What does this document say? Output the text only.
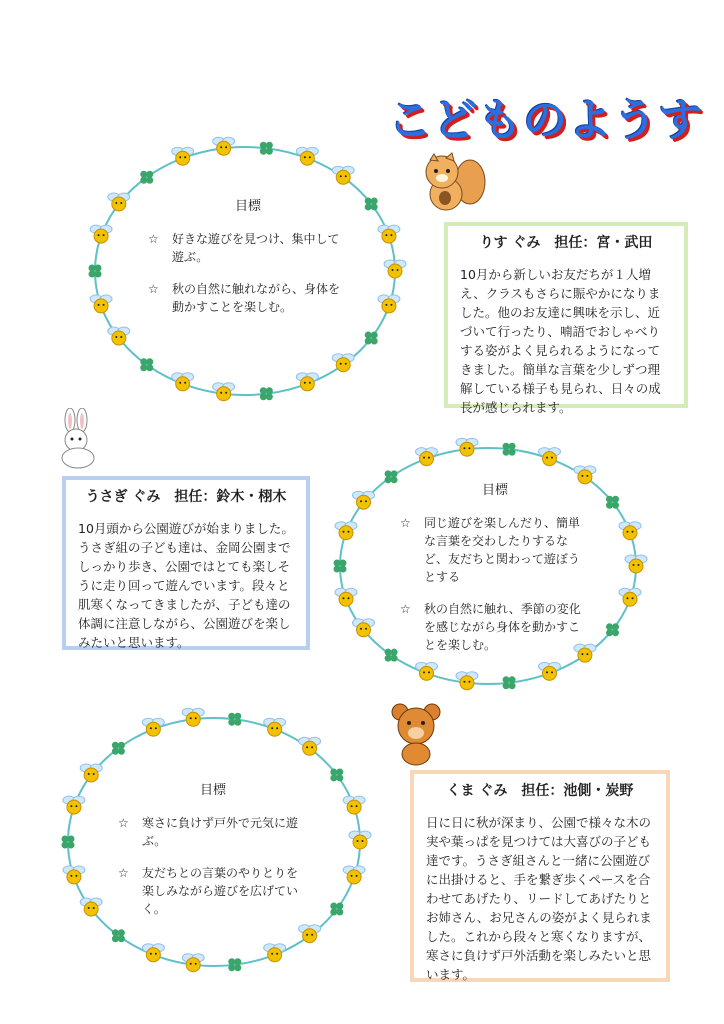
こどものようす
目標
☆	好きな遊びを見つけ、集中して遊ぶ。
☆	秋の自然に触れながら、身体を動かすことを楽しむ。
りす ぐみ　担任：宮・武田
10月から新しいお友だちが１人増え、クラスもさらに賑やかになりました。他のお友達に興味を示し、近づいて行ったり、喃語でおしゃべりする姿がよく見られるようになってきました。簡単な言葉を少しずつ理解している様子も見られ、日々の成長が感じられます。
うさぎ ぐみ　担任：鈴木・栩木
10月頭から公園遊びが始まりました。うさぎ組の子ども達は、金岡公園までしっかり歩き、公園ではとても楽しそうに走り回って遊んでいます。段々と肌寒くなってきましたが、子ども達の体調に注意しながら、公園遊びを楽しみたいと思います。
目標
☆	同じ遊びを楽しんだり、簡単な言葉を交わしたりするなど、友だちと関わって遊ぼうとする
☆	秋の自然に触れ、季節の変化を感じながら身体を動かすことを楽しむ。
目標
☆	寒さに負けず戸外で元気に遊ぶ。
☆	友だちとの言葉のやりとりを楽しみながら遊びを広げていく。
くま ぐみ　担任：池側・炭野
日に日に秋が深まり、公園で様々な木の実や葉っぱを見つけては大喜びの子ども達です。うさぎ組さんと一緒に公園遊びに出掛けると、手を繋ぎ歩くペースを合わせてあげたり、リードしてあげたりとお姉さん、お兄さんの姿がよく見られました。これから段々と寒くなりますが、寒さに負けず戸外活動を楽しみたいと思います。
